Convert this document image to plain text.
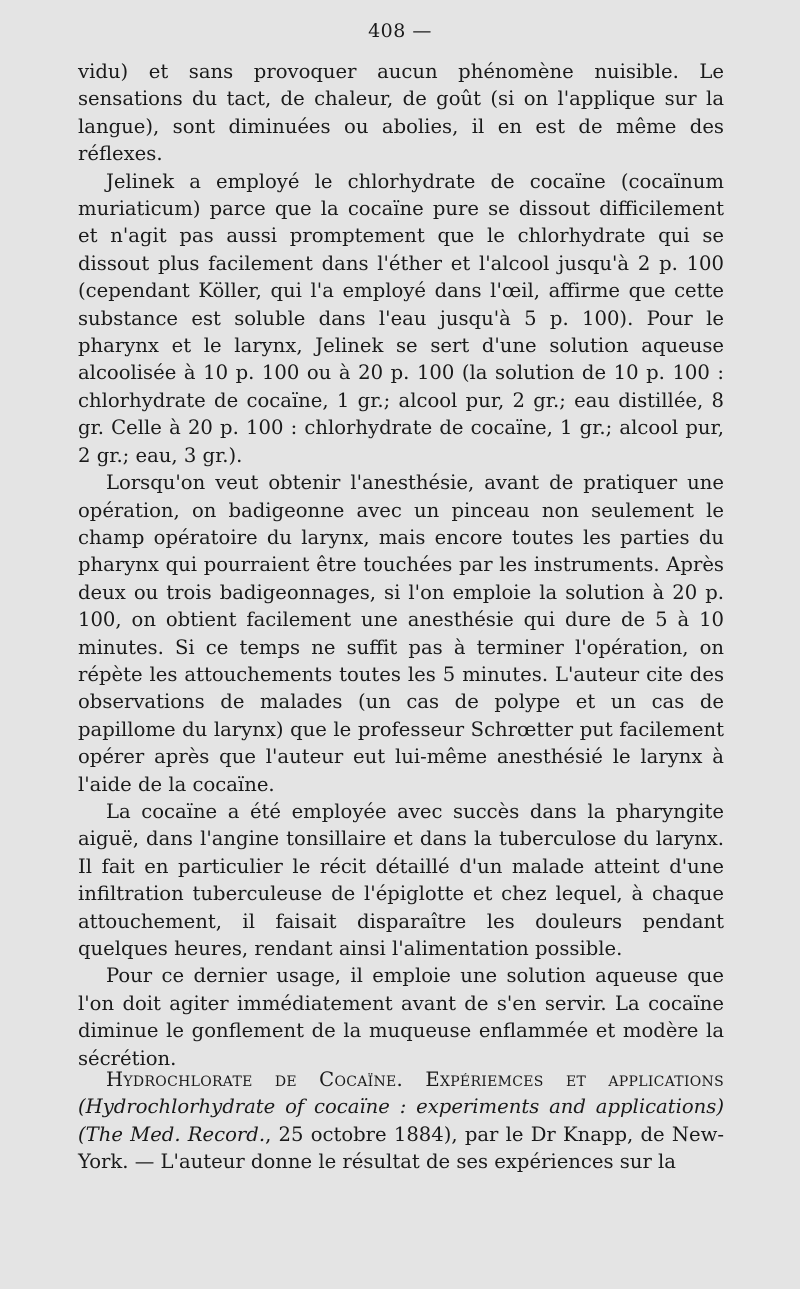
408 —

vidu) et sans provoquer aucun phénomène nuisible. Le sensations du tact, de chaleur, de goût (si on l'applique sur la langue), sont diminuées ou abolies, il en est de même des réflexes.

Jelinek a employé le chlorhydrate de cocaïne (cocaïnum muriaticum) parce que la cocaïne pure se dissout difficilement et n'agit pas aussi promptement que le chlorhydrate qui se dissout plus facilement dans l'éther et l'alcool jusqu'à 2 p. 100 (cependant Köller, qui l'a employé dans l'œil, affirme que cette substance est soluble dans l'eau jusqu'à 5 p. 100). Pour le pharynx et le larynx, Jelinek se sert d'une solution aqueuse alcoolisée à 10 p. 100 ou à 20 p. 100 (la solution de 10 p. 100 : chlorhydrate de cocaïne, 1 gr.; alcool pur, 2 gr.; eau distillée, 8 gr. Celle à 20 p. 100 : chlorhydrate de cocaïne, 1 gr.; alcool pur, 2 gr.; eau, 3 gr.).

Lorsqu'on veut obtenir l'anesthésie, avant de pratiquer une opération, on badigeonne avec un pinceau non seulement le champ opératoire du larynx, mais encore toutes les parties du pharynx qui pourraient être touchées par les instruments. Après deux ou trois badigeonnages, si l'on emploie la solution à 20 p. 100, on obtient facilement une anesthésie qui dure de 5 à 10 minutes. Si ce temps ne suffit pas à terminer l'opération, on répète les attouchements toutes les 5 minutes. L'auteur cite des observations de malades (un cas de polype et un cas de papillome du larynx) que le professeur Schrœtter put facilement opérer après que l'auteur eut lui-même anesthésié le larynx à l'aide de la cocaïne.

La cocaïne a été employée avec succès dans la pharyngite aiguë, dans l'angine tonsillaire et dans la tuberculose du larynx. Il fait en particulier le récit détaillé d'un malade atteint d'une infiltration tuberculeuse de l'épiglotte et chez lequel, à chaque attouchement, il faisait disparaître les douleurs pendant quelques heures, rendant ainsi l'alimentation possible.

Pour ce dernier usage, il emploie une solution aqueuse que l'on doit agiter immédiatement avant de s'en servir. La cocaïne diminue le gonflement de la muqueuse enflammée et modère la sécrétion.

Hydrochlorate de Cocaïne. Expériemces et applications (Hydrochlorhydrate of cocaïne : experiments and applications) (The Med. Record., 25 octobre 1884), par le Dr Knapp, de New-York. — L'auteur donne le résultat de ses expériences sur la
